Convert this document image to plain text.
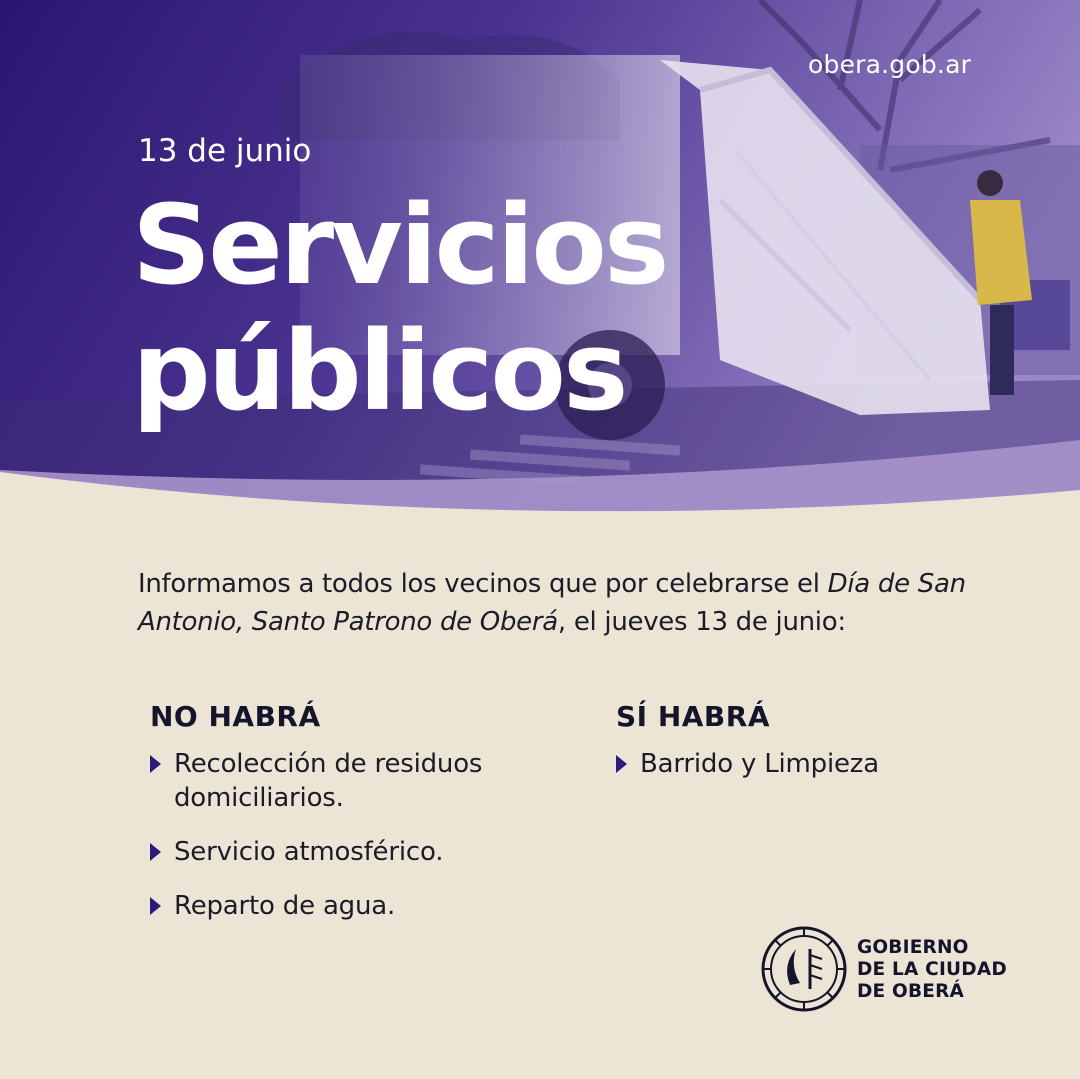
obera.gob.ar
13 de junio
Servicios
públicos
Informamos a todos los vecinos que por celebrarse el Día de San Antonio, Santo Patrono de Oberá, el jueves 13 de junio:
NO HABRÁ
Recolección de residuos domiciliarios.
Servicio atmosférico.
Reparto de agua.
SÍ HABRÁ
Barrido y Limpieza
GOBIERNO
DE LA CIUDAD
DE OBERÁ
